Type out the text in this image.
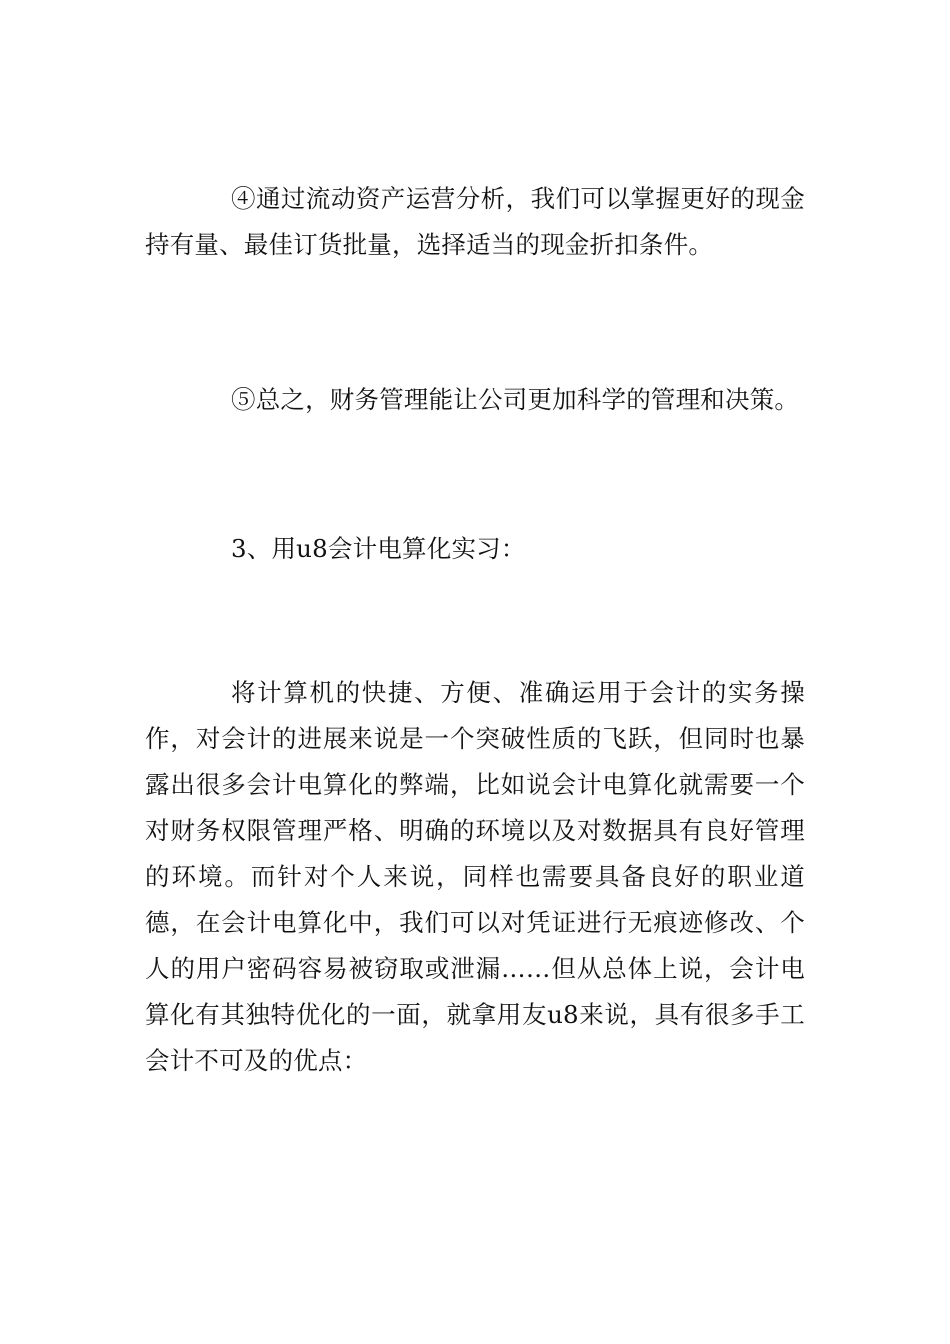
④通过流动资产运营分析，我们可以掌握更好的现金持有量、最佳订货批量，选择适当的现金折扣条件。

⑤总之，财务管理能让公司更加科学的管理和决策。

3、用u8会计电算化实习：

将计算机的快捷、方便、准确运用于会计的实务操作，对会计的进展来说是一个突破性质的飞跃，但同时也暴露出很多会计电算化的弊端，比如说会计电算化就需要一个对财务权限管理严格、明确的环境以及对数据具有良好管理的环境。而针对个人来说，同样也需要具备良好的职业道德，在会计电算化中，我们可以对凭证进行无痕迹修改、个人的用户密码容易被窃取或泄漏……但从总体上说，会计电算化有其独特优化的一面，就拿用友u8来说，具有很多手工会计不可及的优点：
